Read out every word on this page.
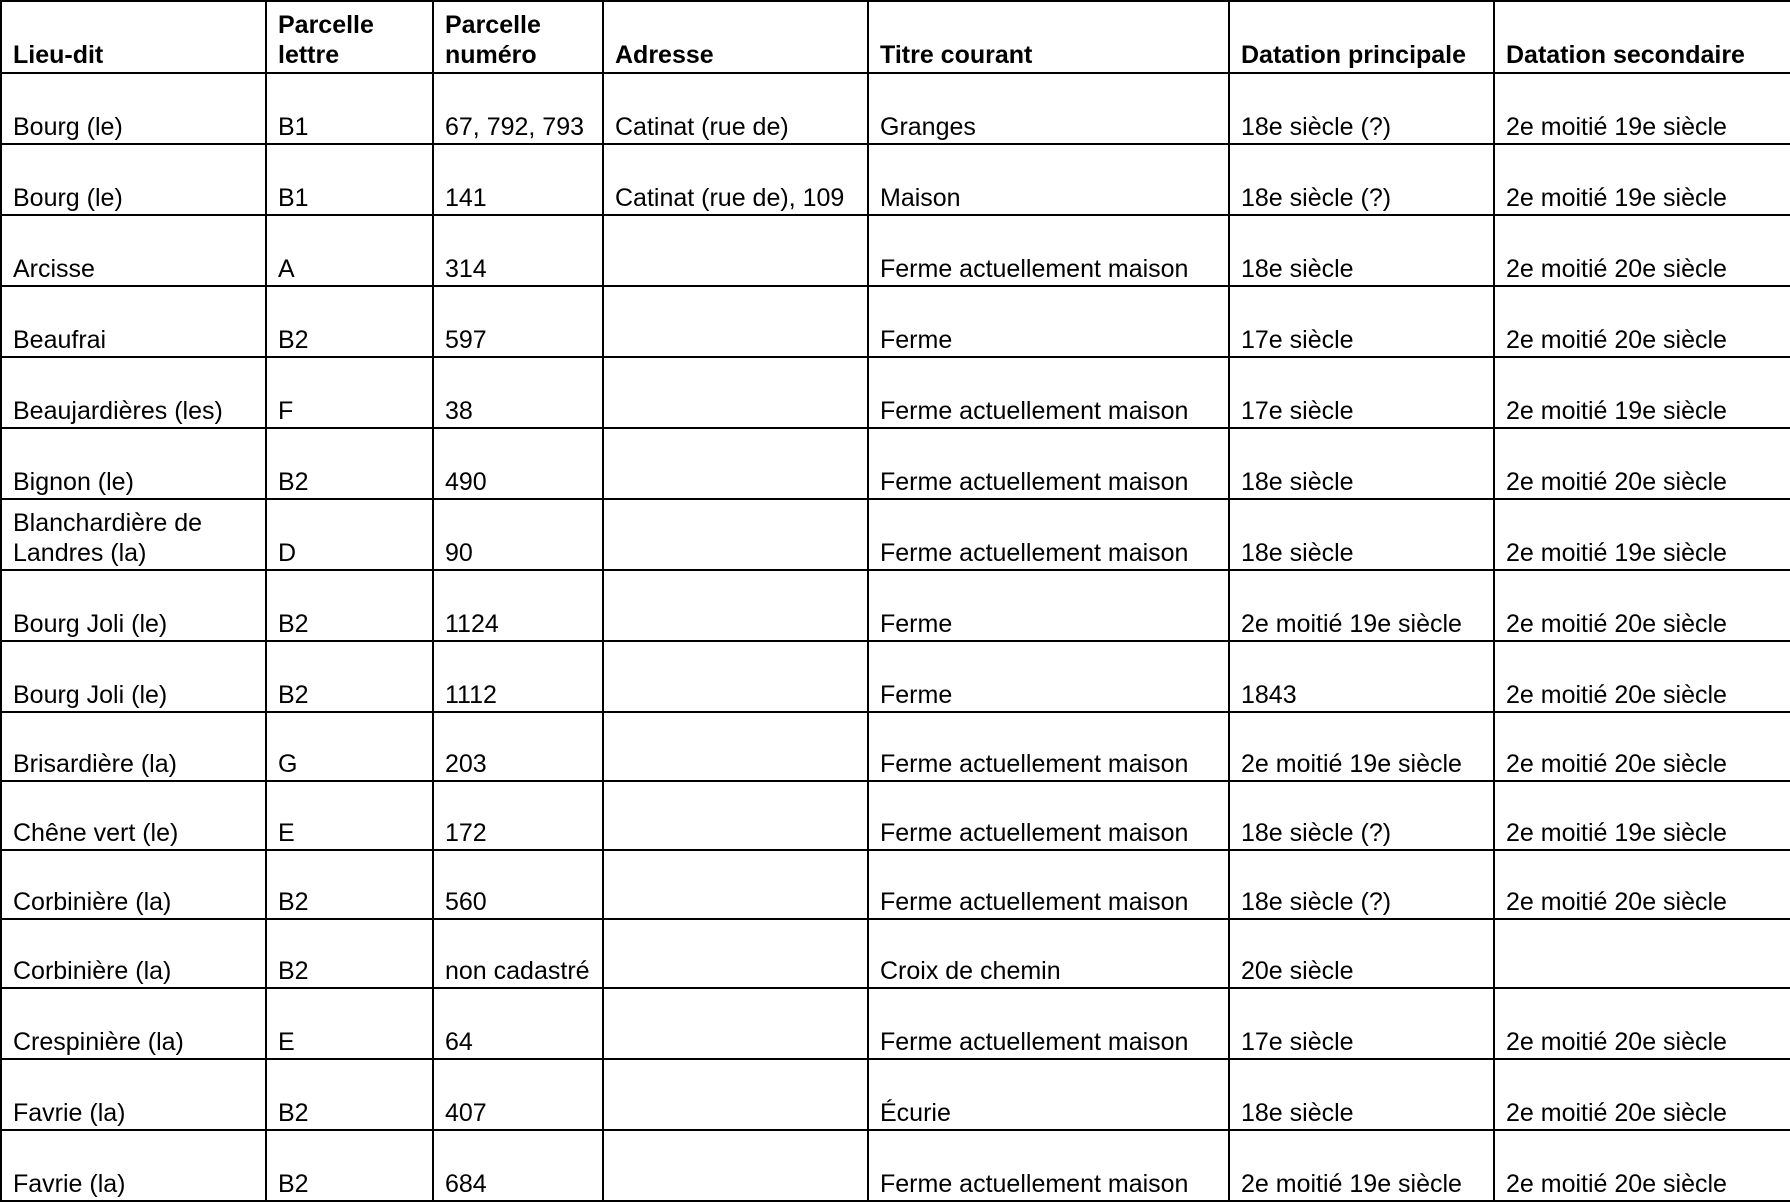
Lieu-dit	Parcelle lettre	Parcelle numéro	Adresse	Titre courant	Datation principale	Datation secondaire
Bourg (le)	B1	67, 792, 793	Catinat (rue de)	Granges	18e siècle (?)	2e moitié 19e siècle
Bourg (le)	B1	141	Catinat (rue de), 109	Maison	18e siècle (?)	2e moitié 19e siècle
Arcisse	A	314		Ferme actuellement maison	18e siècle	2e moitié 20e siècle
Beaufrai	B2	597		Ferme	17e siècle	2e moitié 20e siècle
Beaujardières (les)	F	38		Ferme actuellement maison	17e siècle	2e moitié 19e siècle
Bignon (le)	B2	490		Ferme actuellement maison	18e siècle	2e moitié 20e siècle
Blanchardière de Landres (la)	D	90		Ferme actuellement maison	18e siècle	2e moitié 19e siècle
Bourg Joli (le)	B2	1124		Ferme	2e moitié 19e siècle	2e moitié 20e siècle
Bourg Joli (le)	B2	1112		Ferme	1843	2e moitié 20e siècle
Brisardière (la)	G	203		Ferme actuellement maison	2e moitié 19e siècle	2e moitié 20e siècle
Chêne vert (le)	E	172		Ferme actuellement maison	18e siècle (?)	2e moitié 19e siècle
Corbinière (la)	B2	560		Ferme actuellement maison	18e siècle (?)	2e moitié 20e siècle
Corbinière (la)	B2	non cadastré		Croix de chemin	20e siècle	
Crespinière (la)	E	64		Ferme actuellement maison	17e siècle	2e moitié 20e siècle
Favrie (la)	B2	407		Écurie	18e siècle	2e moitié 20e siècle
Favrie (la)	B2	684		Ferme actuellement maison	2e moitié 19e siècle	2e moitié 20e siècle
